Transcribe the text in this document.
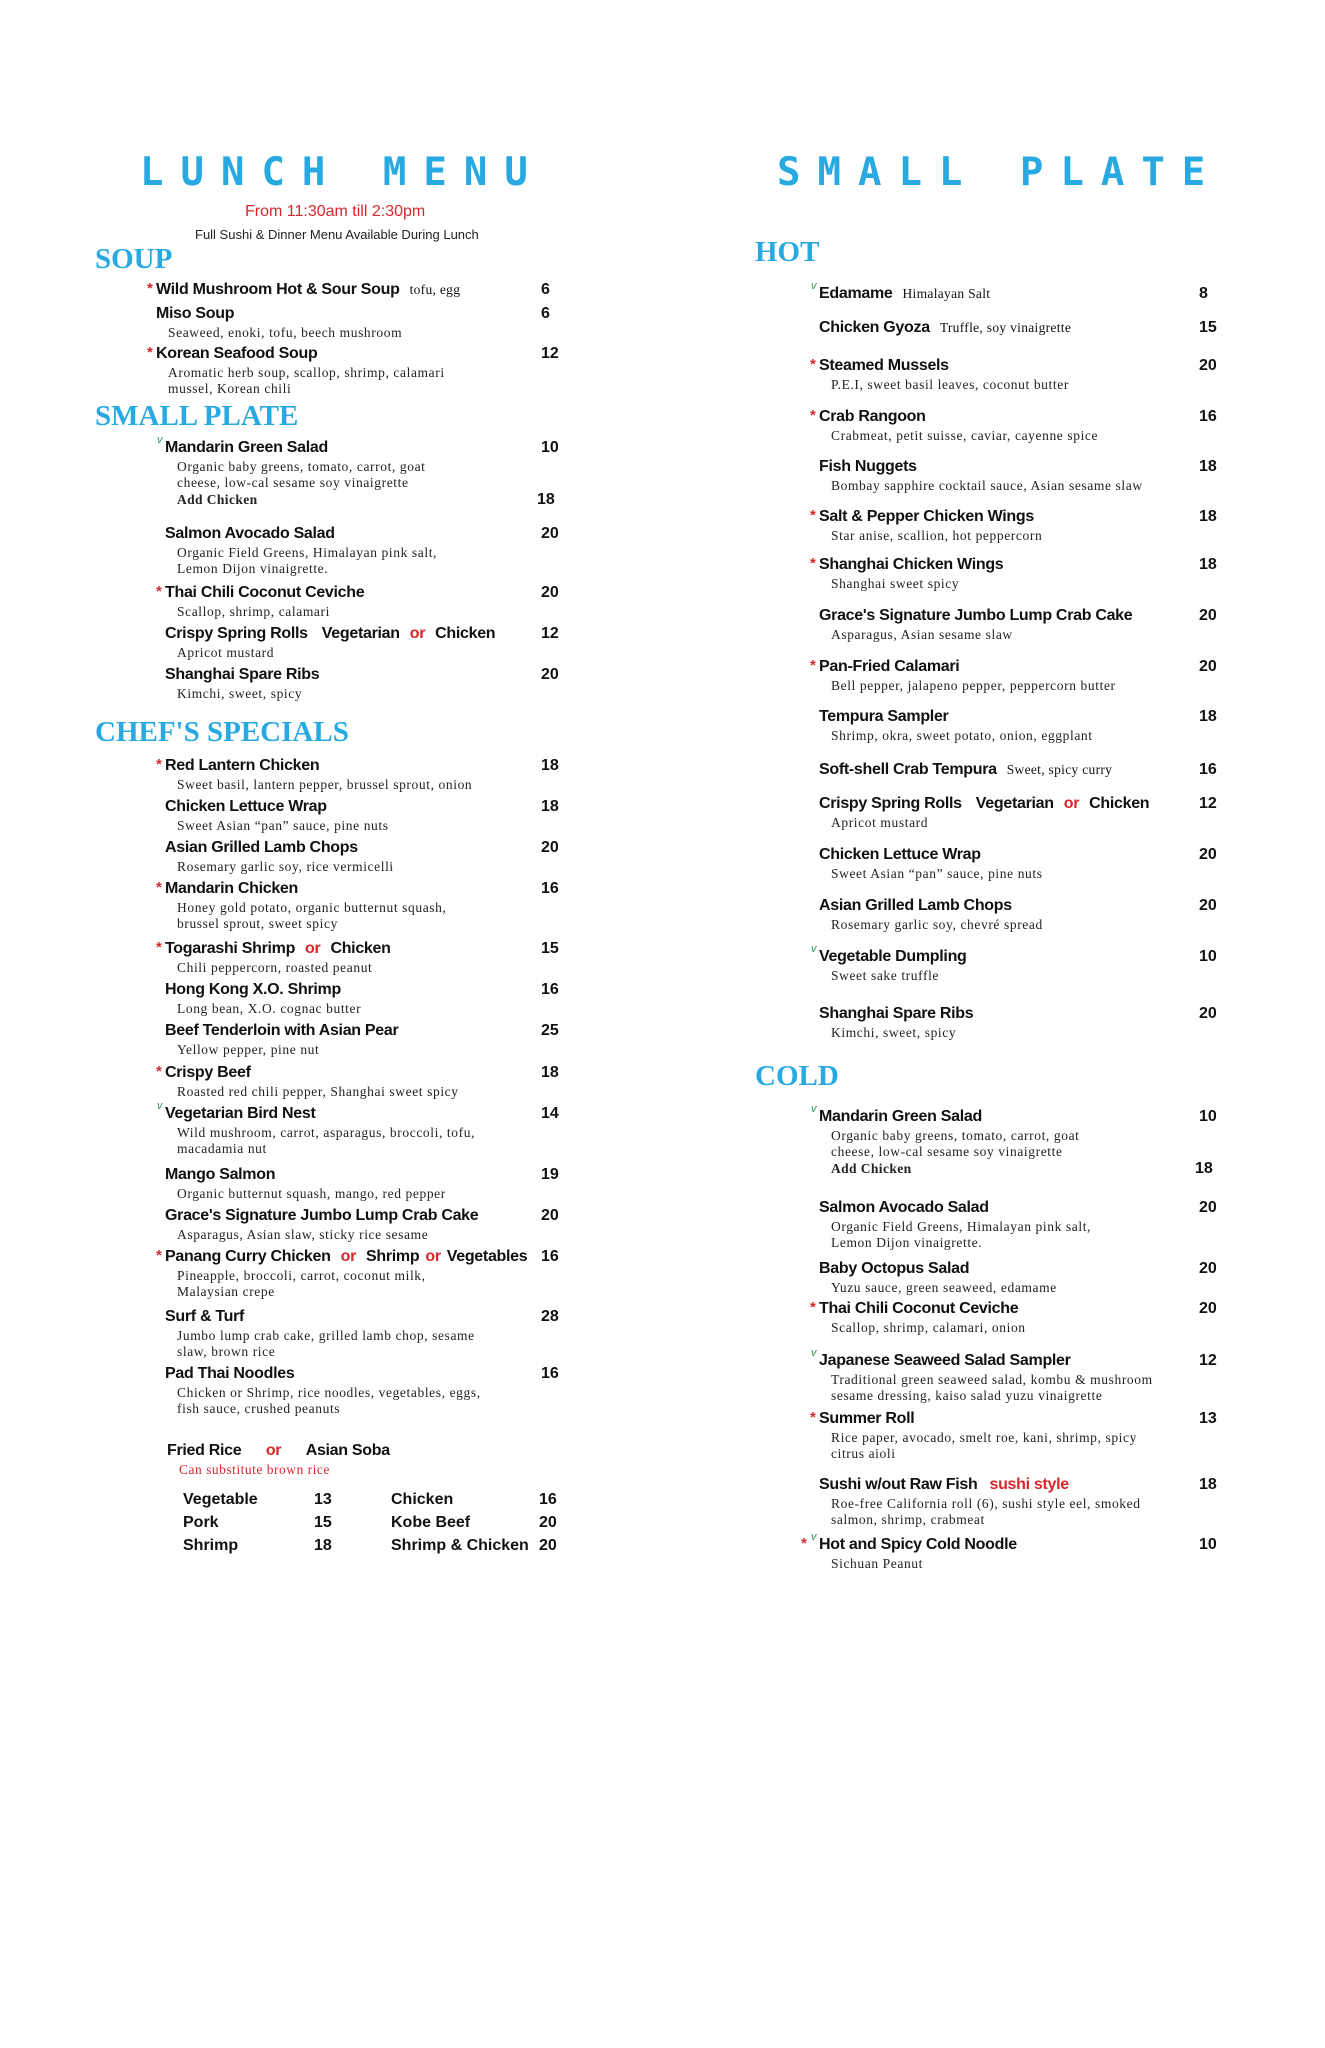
LUNCH MENU
From 11:30am till 2:30pm
Full Sushi & Dinner Menu Available During Lunch
SOUP
* Wild Mushroom Hot & Sour Soup tofu, egg	6
Miso Soup	6
Seaweed, enoki, tofu, beech mushroom
* Korean Seafood Soup	12
Aromatic herb soup, scallop, shrimp, calamari
mussel, Korean chili
SMALL PLATE
v Mandarin Green Salad	10
Organic baby greens, tomato, carrot, goat
cheese, low-cal sesame soy vinaigrette
Add Chicken	18
Salmon Avocado Salad	20
Organic Field Greens, Himalayan pink salt,
Lemon Dijon vinaigrette.
* Thai Chili Coconut Ceviche	20
Scallop, shrimp, calamari
Crispy Spring Rolls Vegetarian or Chicken	12
Apricot mustard
Shanghai Spare Ribs	20
Kimchi, sweet, spicy
CHEF'S SPECIALS
* Red Lantern Chicken	18
Sweet basil, lantern pepper, brussel sprout, onion
Chicken Lettuce Wrap	18
Sweet Asian “pan” sauce, pine nuts
Asian Grilled Lamb Chops	20
Rosemary garlic soy, rice vermicelli
* Mandarin Chicken	16
Honey gold potato, organic butternut squash,
brussel sprout, sweet spicy
* Togarashi Shrimp or Chicken	15
Chili peppercorn, roasted peanut
Hong Kong X.O. Shrimp	16
Long bean, X.O. cognac butter
Beef Tenderloin with Asian Pear	25
Yellow pepper, pine nut
* Crispy Beef	18
Roasted red chili pepper, Shanghai sweet spicy
v Vegetarian Bird Nest	14
Wild mushroom, carrot, asparagus, broccoli, tofu,
macadamia nut
Mango Salmon	19
Organic butternut squash, mango, red pepper
Grace's Signature Jumbo Lump Crab Cake	20
Asparagus, Asian slaw, sticky rice sesame
* Panang Curry Chicken or Shrimp or Vegetables 16
Pineapple, broccoli, carrot, coconut milk,
Malaysian crepe
Surf & Turf	28
Jumbo lump crab cake, grilled lamb chop, sesame
slaw, brown rice
Pad Thai Noodles	16
Chicken or Shrimp, rice noodles, vegetables, eggs,
fish sauce, crushed peanuts
Fried Rice or Asian Soba
Can substitute brown rice
Vegetable	13	Chicken	16
Pork	15	Kobe Beef	20
Shrimp	18	Shrimp & Chicken 20
SMALL PLATE
HOT
v Edamame Himalayan Salt	8
Chicken Gyoza Truffle, soy vinaigrette	15
* Steamed Mussels	20
P.E.I, sweet basil leaves, coconut butter
* Crab Rangoon	16
Crabmeat, petit suisse, caviar, cayenne spice
Fish Nuggets	18
Bombay sapphire cocktail sauce, Asian sesame slaw
* Salt & Pepper Chicken Wings	18
Star anise, scallion, hot peppercorn
* Shanghai Chicken Wings	18
Shanghai sweet spicy
Grace's Signature Jumbo Lump Crab Cake	20
Asparagus, Asian sesame slaw
* Pan-Fried Calamari	20
Bell pepper, jalapeno pepper, peppercorn butter
Tempura Sampler	18
Shrimp, okra, sweet potato, onion, eggplant
Soft-shell Crab Tempura Sweet, spicy curry	16
Crispy Spring Rolls Vegetarian or Chicken	12
Apricot mustard
Chicken Lettuce Wrap	20
Sweet Asian “pan” sauce, pine nuts
Asian Grilled Lamb Chops	20
Rosemary garlic soy, chevré spread
v Vegetable Dumpling	10
Sweet sake truffle
Shanghai Spare Ribs	20
Kimchi, sweet, spicy
COLD
v Mandarin Green Salad	10
Organic baby greens, tomato, carrot, goat
cheese, low-cal sesame soy vinaigrette
Add Chicken	18
Salmon Avocado Salad	20
Organic Field Greens, Himalayan pink salt,
Lemon Dijon vinaigrette.
Baby Octopus Salad	20
Yuzu sauce, green seaweed, edamame
* Thai Chili Coconut Ceviche	20
Scallop, shrimp, calamari, onion
v Japanese Seaweed Salad Sampler	12
Traditional green seaweed salad, kombu & mushroom
sesame dressing, kaiso salad yuzu vinaigrette
* Summer Roll	13
Rice paper, avocado, smelt roe, kani, shrimp, spicy
citrus aioli
Sushi w/out Raw Fish sushi style	18
Roe-free California roll (6), sushi style eel, smoked
salmon, shrimp, crabmeat
* v Hot and Spicy Cold Noodle	10
Sichuan Peanut
